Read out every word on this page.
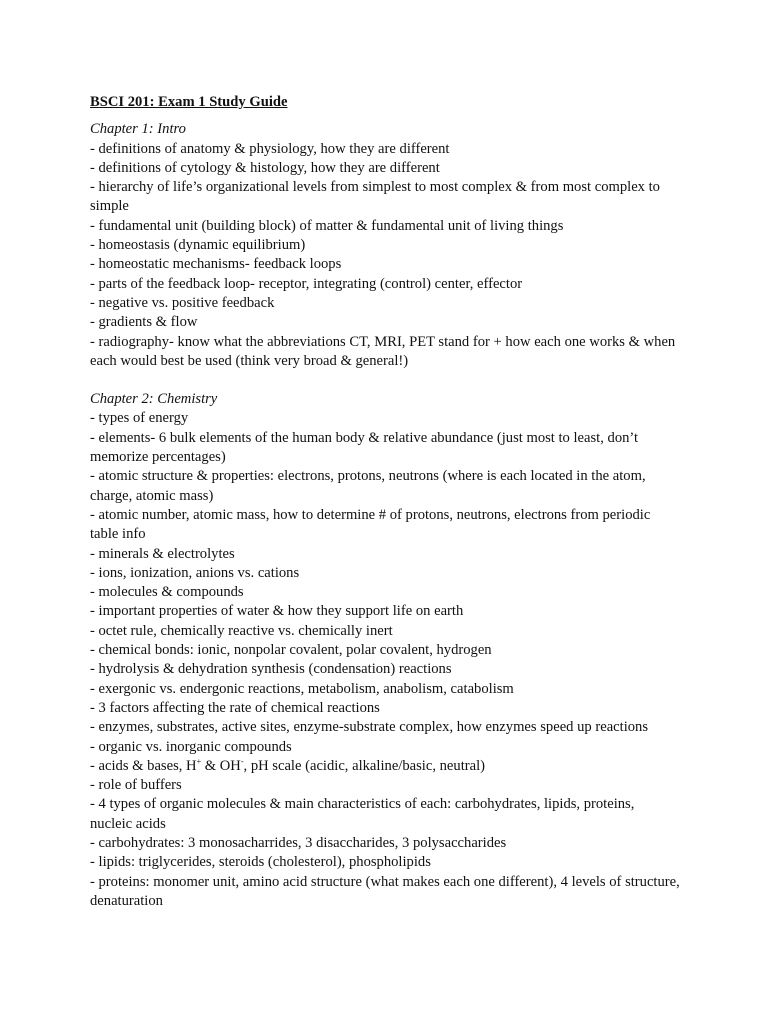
BSCI 201: Exam 1 Study Guide

Chapter 1: Intro

- definitions of anatomy & physiology, how they are different

- definitions of cytology & histology, how they are different

- hierarchy of life’s organizational levels from simplest to most complex & from most complex to simple

- fundamental unit (building block) of matter & fundamental unit of living things

- homeostasis (dynamic equilibrium)

- homeostatic mechanisms- feedback loops

- parts of the feedback loop- receptor, integrating (control) center, effector

- negative vs. positive feedback

- gradients & flow

- radiography- know what the abbreviations CT, MRI, PET stand for + how each one works & when each would best be used (think very broad & general!)

Chapter 2: Chemistry

- types of energy

- elements- 6 bulk elements of the human body & relative abundance (just most to least, don’t memorize percentages)

- atomic structure & properties: electrons, protons, neutrons (where is each located in the atom, charge, atomic mass)

- atomic number, atomic mass, how to determine # of protons, neutrons, electrons from periodic table info

- minerals & electrolytes

- ions, ionization, anions vs. cations

- molecules & compounds

- important properties of water & how they support life on earth

- octet rule, chemically reactive vs. chemically inert

- chemical bonds: ionic, nonpolar covalent, polar covalent, hydrogen

- hydrolysis & dehydration synthesis (condensation) reactions

- exergonic vs. endergonic reactions, metabolism, anabolism, catabolism

- 3 factors affecting the rate of chemical reactions

- enzymes, substrates, active sites, enzyme-substrate complex, how enzymes speed up reactions

- organic vs. inorganic compounds

- acids & bases, H+ & OH-, pH scale (acidic, alkaline/basic, neutral)

- role of buffers

- 4 types of organic molecules & main characteristics of each: carbohydrates, lipids, proteins, nucleic acids

- carbohydrates: 3 monosacharrides, 3 disaccharides, 3 polysaccharides

- lipids: triglycerides, steroids (cholesterol), phospholipids

- proteins: monomer unit, amino acid structure (what makes each one different), 4 levels of structure, denaturation
